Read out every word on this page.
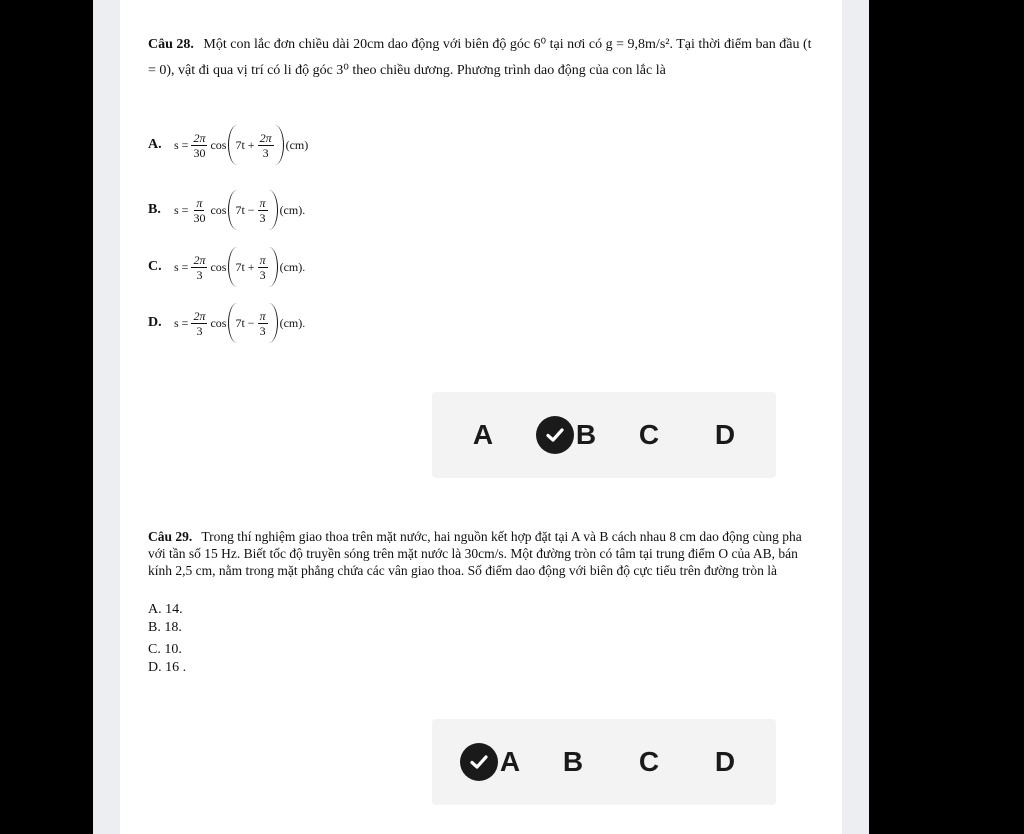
Câu 28. Một con lắc đơn chiều dài 20cm dao động với biên độ góc 6⁰ tại nơi có g = 9,8m/s². Tại thời điểm ban đầu (t = 0), vật đi qua vị trí có li độ góc 3⁰ theo chiều dương. Phương trình dao động của con lắc là
A.	$s = \frac{2\pi}{30}$ $\cos 7t + \frac{2\pi}{3} (cm)$
B.	$s = \frac{\pi}{30}$ $\cos 7t - \frac{\pi}{3} (cm)$.
C.	$s = \frac{2\pi}{3}$ $\cos 7t + \frac{\pi}{3} (cm)$.
D.	$s = \frac{2\pi}{3}$ $\cos 7t - \frac{\pi}{3} (cm)$.
A	B	C	D
Câu 29. Trong thí nghiệm giao thoa trên mặt nước, hai nguồn kết hợp đặt tại A và B cách nhau 8 cm dao động cùng pha với tần số 15 Hz. Biết tốc độ truyền sóng trên mặt nước là 30cm/s. Một đường tròn có tâm tại trung điểm O của AB, bán kính 2,5 cm, nằm trong mặt phẳng chứa các vân giao thoa. Số điểm dao động với biên độ cực tiểu trên đường tròn là
A. 14.
B. 18.
C. 10.
D. 16 .
A	B	C	D
